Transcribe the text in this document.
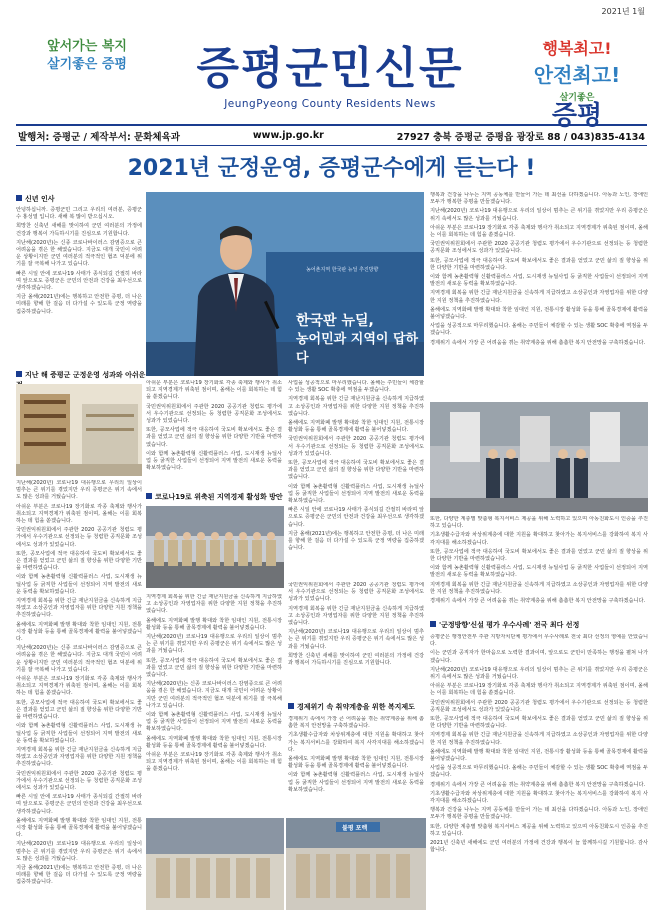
2021년 1월
앞서가는 복지
살기좋은 증평	증평군민신문
JeungPyeong County Residents News
행복최고!
안전최고!
살기좋은
증평
발행처: 증평군 / 제작부서: 문화체육과	www.jp.go.kr	27927 충북 증평군 증평읍 광장로 88 / 043)835-4134
2021년 군정운영, 증평군수에게 듣는다 !
농어촌지역 한국판 뉴딜 추진방향
한국판 뉴딜,
농어민과 지역이 답하다
신년 인사

안녕하십니까. 증평군민 그리고 우리의 여러분, 증평군수 홍성열 입니다. 새해 복 많이 받으십시오.

희망찬 신축년 새해를 맞이하여 군민 여러분의 가정에 건강과 행복이 가득하시기를 진심으로 기원합니다.

지난해(2020년)는 신종 코로나바이러스 감염증으로 큰 어려움을 겪은 한 해였습니다. 지금도 대개 국민이 어려운 상황이지만 군민 여러분의 적극적인 협조 덕분에 위기를 잘 극복해 나가고 있습니다.

빠른 시일 안에 코로나19 사태가 종식되길 간절히 바라며 앞으로도 증평군은 군민의 안전과 건강을 최우선으로 생각하겠습니다.

지금 올해(2021년)에는 행복하고 안전한 증평, 더 나은 미래를 향해 한 걸음 더 다가설 수 있도록 군정 역량을 집중하겠습니다.

지난 해 증평군 군정운영 성과와 아쉬운

지난해(2020년) 코로나19 대유행으로 우리의 일상이 멈추는 큰 위기를 겪었지만 우리 증평군은 위기 속에서도 많은 성과를 거뒀습니다.

아쉬운 부분은 코로나19 장기화로 각종 축제와 행사가 취소되고 지역경제가 위축된 점이며, 올해는 이를 회복하는 데 힘을 쏟겠습니다.

국민권익위원회에서 주관한 2020 공공기관 청렴도 평가에서 우수기관으로 선정되는 등 청렴한 공직문화 조성에서도 성과가 있었습니다.

또한, 공모사업에 적극 대응하여 국도비 확보에서도 좋은 결과를 얻었고 군민 삶의 질 향상을 위한 다양한 기반을 마련하였습니다.

이와 함께 농촌활력형 신활력플러스 사업, 도시재생 뉴딜사업 등 굵직한 사업들이 선정되어 지역 발전의 새로운 동력을 확보하였습니다.

지역경제 회복을 위한 긴급 재난지원금을 신속하게 지급하였고 소상공인과 자영업자를 위한 다양한 지원 정책을 추진하였습니다.

올해에도 지역화폐 발행 확대와 착한 임대인 지원, 전통시장 활성화 등을 통해 골목경제에 활력을 불어넣겠습니다.

지난해(2020년)는 신종 코로나바이러스 감염증으로 큰 어려움을 겪은 한 해였습니다. 지금도 대개 국민이 어려운 상황이지만 군민 여러분의 적극적인 협조 덕분에 위기를 잘 극복해 나가고 있습니다.

아쉬운 부분은 코로나19 장기화로 각종 축제와 행사가 취소되고 지역경제가 위축된 점이며, 올해는 이를 회복하는 데 힘을 쏟겠습니다.

또한, 공모사업에 적극 대응하여 국도비 확보에서도 좋은 결과를 얻었고 군민 삶의 질 향상을 위한 다양한 기반을 마련하였습니다.

이와 함께 농촌활력형 신활력플러스 사업, 도시재생 뉴딜사업 등 굵직한 사업들이 선정되어 지역 발전의 새로운 동력을 확보하였습니다.

지역경제 회복을 위한 긴급 재난지원금을 신속하게 지급하였고 소상공인과 자영업자를 위한 다양한 지원 정책을 추진하였습니다.

국민권익위원회에서 주관한 2020 공공기관 청렴도 평가에서 우수기관으로 선정되는 등 청렴한 공직문화 조성에서도 성과가 있었습니다.

빠른 시일 안에 코로나19 사태가 종식되길 간절히 바라며 앞으로도 증평군은 군민의 안전과 건강을 최우선으로 생각하겠습니다.

올해에도 지역화폐 발행 확대와 착한 임대인 지원, 전통시장 활성화 등을 통해 골목경제에 활력을 불어넣겠습니다.

지난해(2020년) 코로나19 대유행으로 우리의 일상이 멈추는 큰 위기를 겪었지만 우리 증평군은 위기 속에서도 많은 성과를 거뒀습니다.

지금 올해(2021년)에는 행복하고 안전한 증평, 더 나은 미래를 향해 한 걸음 더 다가설 수 있도록 군정 역량을 집중하겠습니다.

아쉬운 부분은 코로나19 장기화로 각종 축제와 행사가 취소되고 지역경제가 위축된 점이며, 올해는 이를 회복하는 데 힘을 쏟겠습니다.

국민권익위원회에서 주관한 2020 공공기관 청렴도 평가에서 우수기관으로 선정되는 등 청렴한 공직문화 조성에서도 성과가 있었습니다.

또한, 공모사업에 적극 대응하여 국도비 확보에서도 좋은 결과를 얻었고 군민 삶의 질 향상을 위한 다양한 기반을 마련하였습니다.

이와 함께 농촌활력형 신활력플러스 사업, 도시재생 뉴딜사업 등 굵직한 사업들이 선정되어 지역 발전의 새로운 동력을 확보하였습니다.

사업을 성공적으로 마무리했습니다. 올해는 주민들이 체감할 수 있는 생활 SOC 확충에 역점을 두겠습니다.

지역경제 회복을 위한 긴급 재난지원금을 신속하게 지급하였고 소상공인과 자영업자를 위한 다양한 지원 정책을 추진하였습니다.

올해에도 지역화폐 발행 확대와 착한 임대인 지원, 전통시장 활성화 등을 통해 골목경제에 활력을 불어넣겠습니다.

국민권익위원회에서 주관한 2020 공공기관 청렴도 평가에서 우수기관으로 선정되는 등 청렴한 공직문화 조성에서도 성과가 있었습니다.

또한, 공모사업에 적극 대응하여 국도비 확보에서도 좋은 결과를 얻었고 군민 삶의 질 향상을 위한 다양한 기반을 마련하였습니다.

이와 함께 농촌활력형 신활력플러스 사업, 도시재생 뉴딜사업 등 굵직한 사업들이 선정되어 지역 발전의 새로운 동력을 확보하였습니다.

빠른 시일 안에 코로나19 사태가 종식되길 간절히 바라며 앞으로도 증평군은 군민의 안전과 건강을 최우선으로 생각하겠습니다.

지금 올해(2021년)에는 행복하고 안전한 증평, 더 나은 미래를 향해 한 걸음 더 다가설 수 있도록 군정 역량을 집중하겠습니다.

코로나19로 위축된 지역경제 활성화 방안

지역경제 회복을 위한 긴급 재난지원금을 신속하게 지급하였고 소상공인과 자영업자를 위한 다양한 지원 정책을 추진하였습니다.

올해에도 지역화폐 발행 확대와 착한 임대인 지원, 전통시장 활성화 등을 통해 골목경제에 활력을 불어넣겠습니다.

지난해(2020년) 코로나19 대유행으로 우리의 일상이 멈추는 큰 위기를 겪었지만 우리 증평군은 위기 속에서도 많은 성과를 거뒀습니다.

또한, 공모사업에 적극 대응하여 국도비 확보에서도 좋은 결과를 얻었고 군민 삶의 질 향상을 위한 다양한 기반을 마련하였습니다.

지난해(2020년)는 신종 코로나바이러스 감염증으로 큰 어려움을 겪은 한 해였습니다. 지금도 대개 국민이 어려운 상황이지만 군민 여러분의 적극적인 협조 덕분에 위기를 잘 극복해 나가고 있습니다.

이와 함께 농촌활력형 신활력플러스 사업, 도시재생 뉴딜사업 등 굵직한 사업들이 선정되어 지역 발전의 새로운 동력을 확보하였습니다.

올해에도 지역화폐 발행 확대와 착한 임대인 지원, 전통시장 활성화 등을 통해 골목경제에 활력을 불어넣겠습니다.

아쉬운 부분은 코로나19 장기화로 각종 축제와 행사가 취소되고 지역경제가 위축된 점이며, 올해는 이를 회복하는 데 힘을 쏟겠습니다.

국민권익위원회에서 주관한 2020 공공기관 청렴도 평가에서 우수기관으로 선정되는 등 청렴한 공직문화 조성에서도 성과가 있었습니다.

지역경제 회복을 위한 긴급 재난지원금을 신속하게 지급하였고 소상공인과 자영업자를 위한 다양한 지원 정책을 추진하였습니다.

지난해(2020년) 코로나19 대유행으로 우리의 일상이 멈추는 큰 위기를 겪었지만 우리 증평군은 위기 속에서도 많은 성과를 거뒀습니다.

희망찬 신축년 새해를 맞이하여 군민 여러분의 가정에 건강과 행복이 가득하시기를 진심으로 기원합니다.

경제위기 속 취약계층을 위한 복지제도

경제위기 속에서 가장 큰 어려움을 겪는 취약계층을 위해 촘촘한 복지 안전망을 구축하겠습니다.

기초생활수급자와 차상위계층에 대한 지원을 확대하고 찾아가는 복지서비스를 강화하여 복지 사각지대를 해소하겠습니다.

올해에도 지역화폐 발행 확대와 착한 임대인 지원, 전통시장 활성화 등을 통해 골목경제에 활력을 불어넣겠습니다.

이와 함께 농촌활력형 신활력플러스 사업, 도시재생 뉴딜사업 등 굵직한 사업들이 선정되어 지역 발전의 새로운 동력을 확보하였습니다.

불평 포렉

행복과 건강을 나누는 지역 공동체를 만들어 가는 데 최선을 다하겠습니다. 아동과 노인, 장애인 모두가 행복한 증평을 만들겠습니다.

지난해(2020년) 코로나19 대유행으로 우리의 일상이 멈추는 큰 위기를 겪었지만 우리 증평군은 위기 속에서도 많은 성과를 거뒀습니다.

아쉬운 부분은 코로나19 장기화로 각종 축제와 행사가 취소되고 지역경제가 위축된 점이며, 올해는 이를 회복하는 데 힘을 쏟겠습니다.

국민권익위원회에서 주관한 2020 공공기관 청렴도 평가에서 우수기관으로 선정되는 등 청렴한 공직문화 조성에서도 성과가 있었습니다.

또한, 공모사업에 적극 대응하여 국도비 확보에서도 좋은 결과를 얻었고 군민 삶의 질 향상을 위한 다양한 기반을 마련하였습니다.

이와 함께 농촌활력형 신활력플러스 사업, 도시재생 뉴딜사업 등 굵직한 사업들이 선정되어 지역 발전의 새로운 동력을 확보하였습니다.

지역경제 회복을 위한 긴급 재난지원금을 신속하게 지급하였고 소상공인과 자영업자를 위한 다양한 지원 정책을 추진하였습니다.

올해에도 지역화폐 발행 확대와 착한 임대인 지원, 전통시장 활성화 등을 통해 골목경제에 활력을 불어넣겠습니다.

사업을 성공적으로 마무리했습니다. 올해는 주민들이 체감할 수 있는 생활 SOC 확충에 역점을 두겠습니다.

경제위기 속에서 가장 큰 어려움을 겪는 취약계층을 위해 촘촘한 복지 안전망을 구축하겠습니다.

또한, 다양한 계층별 맞춤형 복지서비스 제공을 위해 노력하고 있으며 아동친화도시 인증을 추진하고 있습니다.

기초생활수급자와 차상위계층에 대한 지원을 확대하고 찾아가는 복지서비스를 강화하여 복지 사각지대를 해소하겠습니다.

또한, 공모사업에 적극 대응하여 국도비 확보에서도 좋은 결과를 얻었고 군민 삶의 질 향상을 위한 다양한 기반을 마련하였습니다.

이와 함께 농촌활력형 신활력플러스 사업, 도시재생 뉴딜사업 등 굵직한 사업들이 선정되어 지역 발전의 새로운 동력을 확보하였습니다.

지역경제 회복을 위한 긴급 재난지원금을 신속하게 지급하였고 소상공인과 자영업자를 위한 다양한 지원 정책을 추진하였습니다.

경제위기 속에서 가장 큰 어려움을 겪는 취약계층을 위해 촘촘한 복지 안전망을 구축하겠습니다.

'군정방향'신설 평가 우수사례' 전국 최다 선정

증평군은 행정안전부 주관 지방자치단체 평가에서 우수사례로 전국 최다 선정의 영예를 안았습니다.

이는 군민과 공직자가 한마음으로 노력한 결과이며, 앞으로도 군민이 만족하는 행정을 펼쳐 나가겠습니다.

지난해(2020년) 코로나19 대유행으로 우리의 일상이 멈추는 큰 위기를 겪었지만 우리 증평군은 위기 속에서도 많은 성과를 거뒀습니다.

아쉬운 부분은 코로나19 장기화로 각종 축제와 행사가 취소되고 지역경제가 위축된 점이며, 올해는 이를 회복하는 데 힘을 쏟겠습니다.

국민권익위원회에서 주관한 2020 공공기관 청렴도 평가에서 우수기관으로 선정되는 등 청렴한 공직문화 조성에서도 성과가 있었습니다.

또한, 공모사업에 적극 대응하여 국도비 확보에서도 좋은 결과를 얻었고 군민 삶의 질 향상을 위한 다양한 기반을 마련하였습니다.

지역경제 회복을 위한 긴급 재난지원금을 신속하게 지급하였고 소상공인과 자영업자를 위한 다양한 지원 정책을 추진하였습니다.

올해에도 지역화폐 발행 확대와 착한 임대인 지원, 전통시장 활성화 등을 통해 골목경제에 활력을 불어넣겠습니다.

사업을 성공적으로 마무리했습니다. 올해는 주민들이 체감할 수 있는 생활 SOC 확충에 역점을 두겠습니다.

경제위기 속에서 가장 큰 어려움을 겪는 취약계층을 위해 촘촘한 복지 안전망을 구축하겠습니다.

기초생활수급자와 차상위계층에 대한 지원을 확대하고 찾아가는 복지서비스를 강화하여 복지 사각지대를 해소하겠습니다.

행복과 건강을 나누는 지역 공동체를 만들어 가는 데 최선을 다하겠습니다. 아동과 노인, 장애인 모두가 행복한 증평을 만들겠습니다.

또한, 다양한 계층별 맞춤형 복지서비스 제공을 위해 노력하고 있으며 아동친화도시 인증을 추진하고 있습니다.

2021년 신축년 새해에도 군민 여러분의 가정에 건강과 행복이 늘 함께하시길 기원합니다. 감사합니다.
